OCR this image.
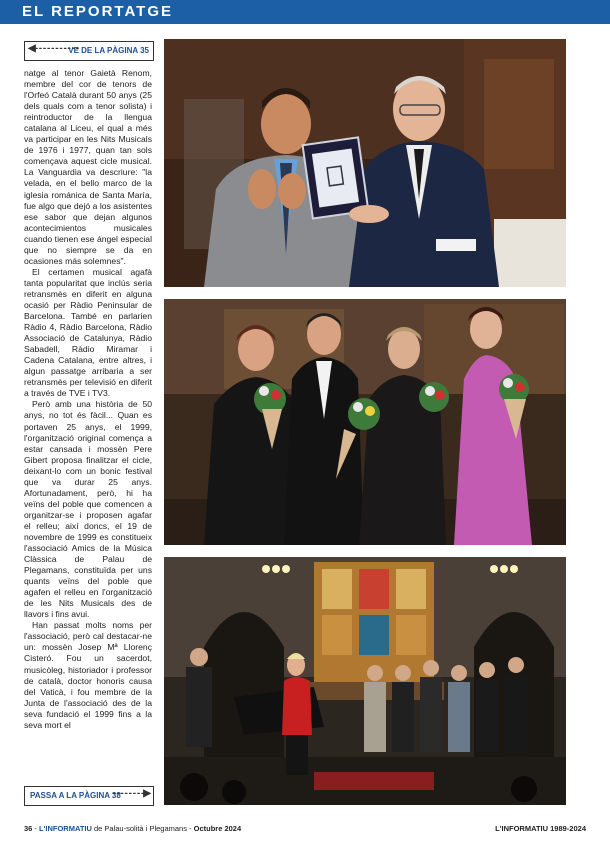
EL REPORTATGE
◀- - - - - - - - - - -
VE DE LA PÀGINA 35

natge al tenor Gaietà Renom, membre del cor de tenors de l'Orfeó Català durant 50 anys (25 dels quals com a tenor solista) i reintroductor de la llengua catalana al Liceu, el qual a més va participar en les Nits Musicals de 1976 i 1977, quan tan sols començava aquest cicle musical. La Vanguardia va descriure: "la velada, en el bello marco de la iglesia románica de Santa María, fue algo que dejó a los asistentes ese sabor que dejan algunos acontecimientos musicales cuando tienen ese ángel especial que no siempre se da en ocasiones más solemnes".

El certamen musical agafà tanta popularitat que inclús seria retransmès en diferit en alguna ocasió per Ràdio Peninsular de Barcelona. També en parlarien Ràdio 4, Ràdio Barcelona, Ràdio Associació de Catalunya, Ràdio Sabadell, Ràdio Miramar i Cadena Catalana, entre altres, i algun passatge arribaria a ser retransmès per televisió en diferit a través de TVE i TV3.

Però amb una història de 50 anys, no tot és fàcil... Quan es portaven 25 anys, el 1999, l'organització original comença a estar cansada i mossèn Pere Gibert proposa finalitzar el cicle, deixant-lo com un bonic festival que va durar 25 anys. Afortunadament, però, hi ha veïns del poble que comencen a organitzar-se i proposen agafar el relleu; així doncs, el 19 de novembre de 1999 es constitueix l'associació Amics de la Música Clàssica de Palau de Plegamans, constituïda per uns quants veïns del poble que agafen el relleu en l'organització de les Nits Musicals des de llavors i fins avui.

Han passat molts noms per l'associació, però cal destacar-ne un: mossèn Josep Mª Llorenç Cisteró. Fou un sacerdot, musicòleg, historiador i professor de català, doctor honoris causa del Vaticà, i fou membre de la Junta de l'associació des de la seva fundació el 1999 fins a la seva mort el

PASSA A LA PÀGINA 38
- - - - - - - -▶
36 - L'INFORMATIU de Palau-solità i Plegamans - Octubre 2024	L'INFORMATIU 1989-2024
